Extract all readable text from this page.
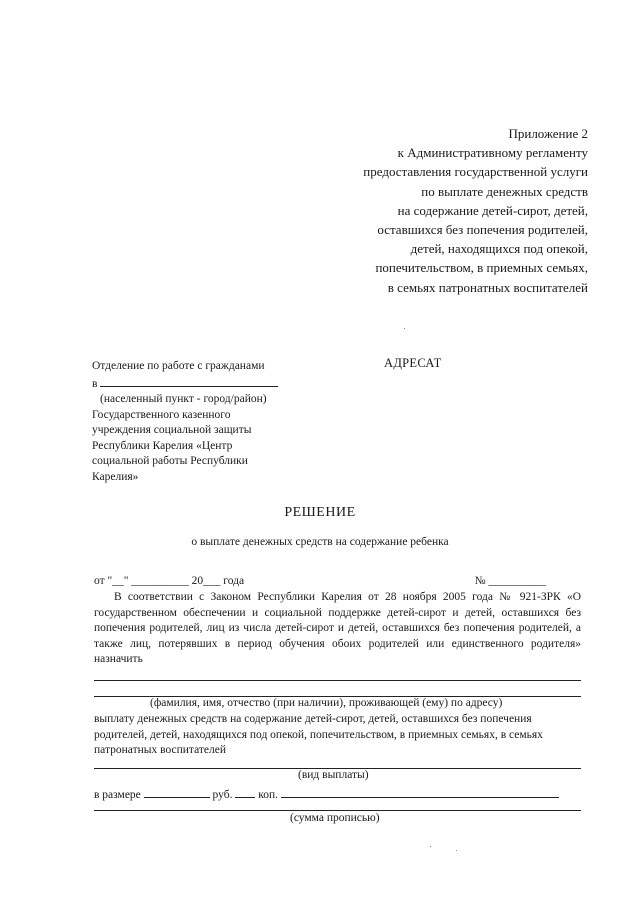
Приложение 2
к Административному регламенту
предоставления государственной услуги
по выплате денежных средств
на содержание детей-сирот, детей,
оставшихся без попечения родителей,
детей, находящихся под опекой,
попечительством, в приемных семьях,
в семьях патронатных воспитателей
Отделение по работе с гражданами
в
(населенный пункт - город/район)
Государственного казенного
учреждения социальной защиты
Республики Карелия «Центр
социальной работы Республики
Карелия»
АДРЕСАТ
РЕШЕНИЕ
о выплате денежных средств на содержание ребенка
от "__" __________ 20___ года	№ __________
В соответствии с Законом Республики Карелия от 28 ноября 2005 года № 921-ЗРК «О государственном обеспечении и социальной поддержке детей-сирот и детей, оставшихся без попечения родителей, лиц из числа детей-сирот и детей, оставшихся без попечения родителей, а также лиц, потерявших в период обучения обоих родителей или единственного родителя» назначить
(фамилия, имя, отчество (при наличии), проживающей (ему) по адресу)
выплату денежных средств на содержание детей-сирот, детей, оставшихся без попечения родителей, детей, находящихся под опекой, попечительством, в приемных семьях, в семьях патронатных воспитателей
(вид выплаты)
в размере	руб. коп.
(сумма прописью)
